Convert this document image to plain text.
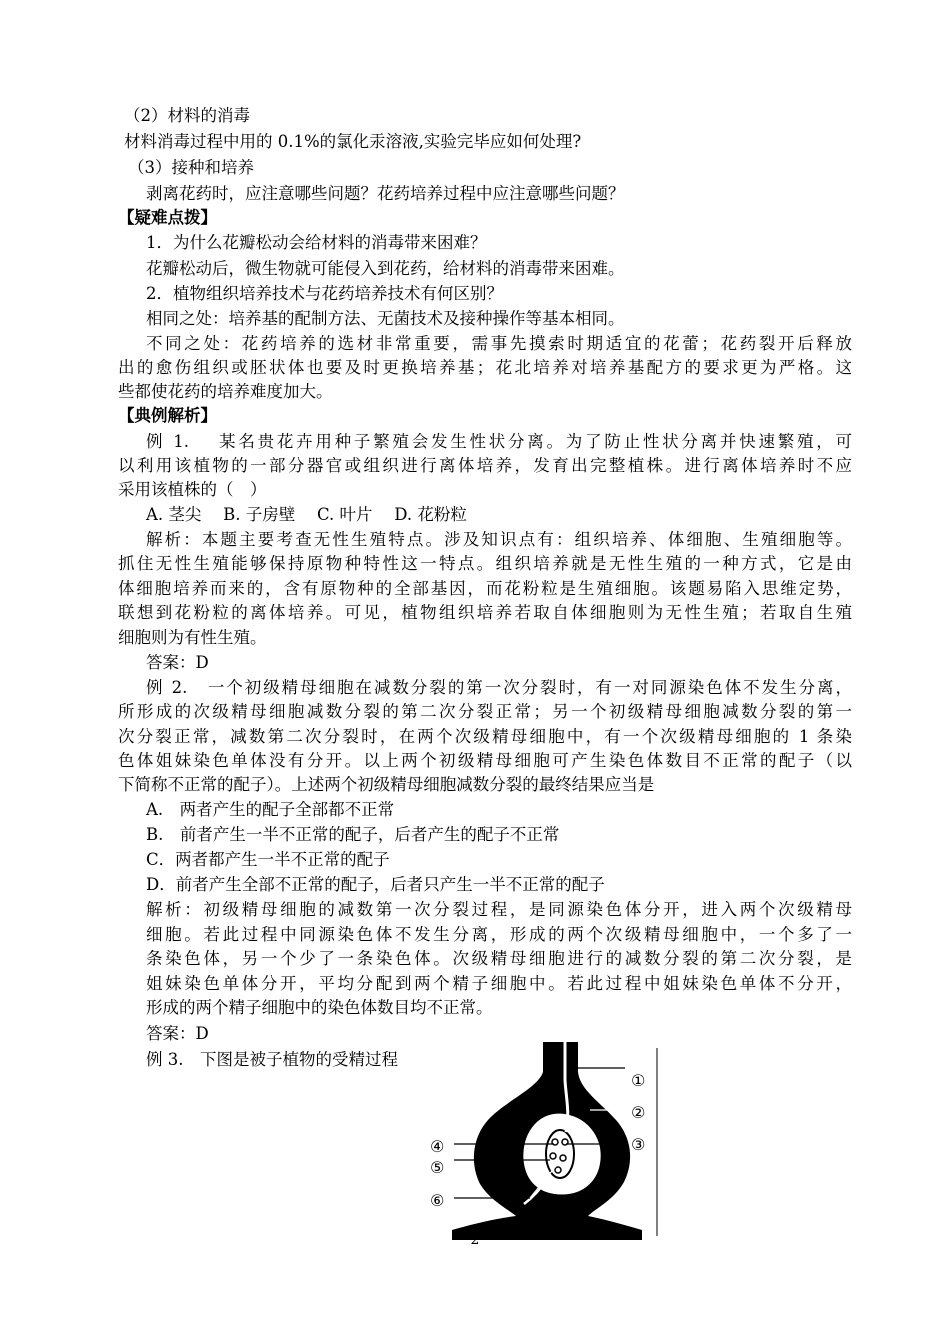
（2）材料的消毒
材料消毒过程中用的 0.1%的氯化汞溶液,实验完毕应如何处理?
（3）接种和培养
剥离花药时，应注意哪些问题？花药培养过程中应注意哪些问题？
【疑难点拨】
1．为什么花瓣松动会给材料的消毒带来困难？
花瓣松动后，微生物就可能侵入到花药，给材料的消毒带来困难。
2．植物组织培养技术与花药培养技术有何区别？
相同之处：培养基的配制方法、无菌技术及接种操作等基本相同。
不同之处：花药培养的选材非常重要，需事先摸索时期适宜的花蕾；花药裂开后释放
出的愈伤组织或胚状体也要及时更换培养基；花北培养对培养基配方的要求更为严格。这
些都使花药的培养难度加大。
【典例解析】
例 1.　 某名贵花卉用种子繁殖会发生性状分离。为了防止性状分离并快速繁殖，可
以利用该植物的一部分器官或组织进行离体培养，发育出完整植株。进行离体培养时不应
采用该植株的（　）
A. 茎尖　 B. 子房壁　 C. 叶片　 D. 花粉粒
解析：本题主要考查无性生殖特点。涉及知识点有：组织培养、体细胞、生殖细胞等。
抓住无性生殖能够保持原物种特性这一特点。组织培养就是无性生殖的一种方式，它是由
体细胞培养而来的，含有原物种的全部基因，而花粉粒是生殖细胞。该题易陷入思维定势，
联想到花粉粒的离体培养。可见，植物组织培养若取自体细胞则为无性生殖；若取自生殖
细胞则为有性生殖。
答案：D
例 2.　一个初级精母细胞在减数分裂的第一次分裂时，有一对同源染色体不发生分离，
所形成的次级精母细胞减数分裂的第二次分裂正常；另一个初级精母细胞减数分裂的第一
次分裂正常，减数第二次分裂时，在两个次级精母细胞中，有一个次级精母细胞的 1 条染
色体姐妹染色单体没有分开。以上两个初级精母细胞可产生染色体数目不正常的配子（以
下简称不正常的配子）。上述两个初级精母细胞减数分裂的最终结果应当是
A.　两者产生的配子全部都不正常
B.　前者产生一半不正常的配子，后者产生的配子不正常
C．两者都产生一半不正常的配子
D．前者产生全部不正常的配子，后者只产生一半不正常的配子
解析：初级精母细胞的减数第一次分裂过程，是同源染色体分开，进入两个次级精母
细胞。若此过程中同源染色体不发生分离，形成的两个次级精母细胞中，一个多了一
条染色体，另一个少了一条染色体。次级精母细胞进行的减数分裂的第二次分裂，是
姐妹染色单体分开，平均分配到两个精子细胞中。若此过程中姐妹染色单体不分开，
形成的两个精子细胞中的染色体数目均不正常。
答案：D
例 3.　下图是被子植物的受精过程
①
②
③
④
⑤
⑥
2
